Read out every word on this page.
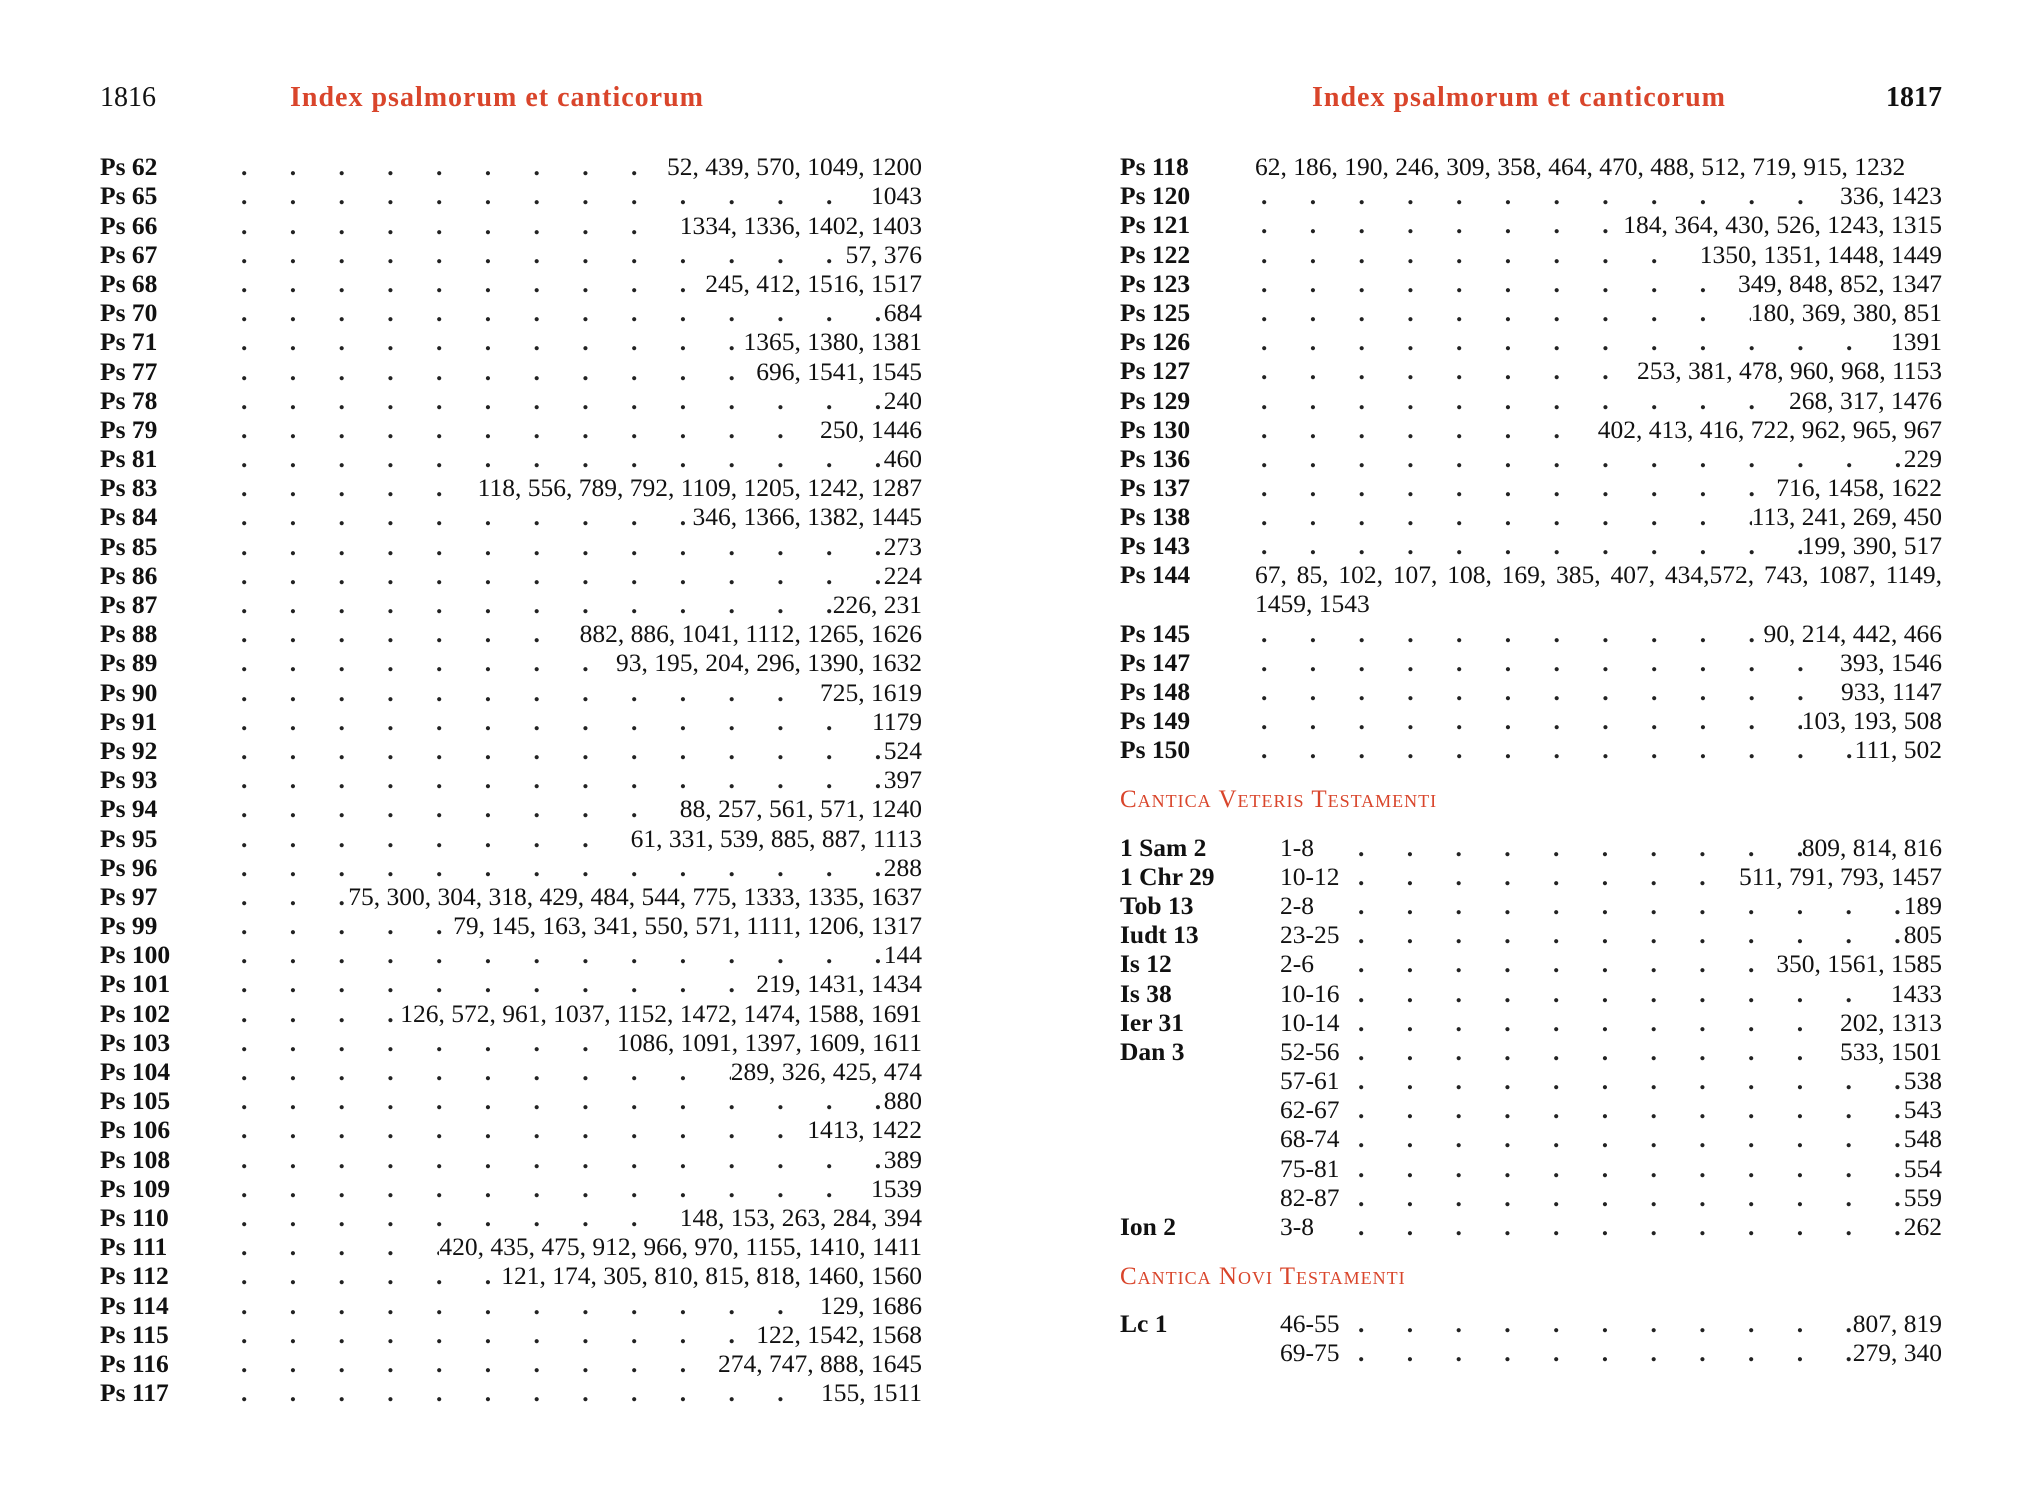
1816	Index psalmorum et canticorum
Ps 62 . . .	52, 439, 570, 1049, 1200
Ps 65 . . .	1043
Ps 66 . . .	1334, 1336, 1402, 1403
Ps 67 . . .	57, 376
Ps 68 . . .	245, 412, 1516, 1517
Ps 70 . . .	684
Ps 71 . . .	1365, 1380, 1381
Ps 77 . . .	696, 1541, 1545
Ps 78 . . .	240
Ps 79 . . .	250, 1446
Ps 81 . . .	460
Ps 83 . . .	118, 556, 789, 792, 1109, 1205, 1242, 1287
Ps 84 . . .	346, 1366, 1382, 1445
Ps 85 . . .	273
Ps 86 . . .	224
Ps 87 . . .	226, 231
Ps 88 . . .	882, 886, 1041, 1112, 1265, 1626
Ps 89 . . .	93, 195, 204, 296, 1390, 1632
Ps 90 . . .	725, 1619
Ps 91 . . .	1179
Ps 92 . . .	524
Ps 93 . . .	397
Ps 94 . . .	88, 257, 561, 571, 1240
Ps 95 . . .	61, 331, 539, 885, 887, 1113
Ps 96 . . .	288
Ps 97 . . .	75, 300, 304, 318, 429, 484, 544, 775, 1333, 1335, 1637
Ps 99 . . .	79, 145, 163, 341, 550, 571, 1111, 1206, 1317
Ps 100 . . .	144
Ps 101 . . .	219, 1431, 1434
Ps 102 . . .	126, 572, 961, 1037, 1152, 1472, 1474, 1588, 1691
Ps 103 . . .	1086, 1091, 1397, 1609, 1611
Ps 104 . . .	289, 326, 425, 474
Ps 105 . . .	880
Ps 106 . . .	1413, 1422
Ps 108 . . .	389
Ps 109 . . .	1539
Ps 110 . . .	148, 153, 263, 284, 394
Ps 111 . . .	420, 435, 475, 912, 966, 970, 1155, 1410, 1411
Ps 112 . . .	121, 174, 305, 810, 815, 818, 1460, 1560
Ps 114 . . .	129, 1686
Ps 115 . . .	122, 1542, 1568
Ps 116 . . .	274, 747, 888, 1645
Ps 117 . . .	155, 1511
Index psalmorum et canticorum	1817
Ps 118	62, 186, 190, 246, 309, 358, 464, 470, 488, 512, 719, 915, 1232
Ps 120 . . .	336, 1423
Ps 121 . . .	184, 364, 430, 526, 1243, 1315
Ps 122 . . .	1350, 1351, 1448, 1449
Ps 123 . . .	349, 848, 852, 1347
Ps 125 . . .	180, 369, 380, 851
Ps 126 . . .	1391
Ps 127 . . .	253, 381, 478, 960, 968, 1153
Ps 129 . . .	268, 317, 1476
Ps 130 . . .	402, 413, 416, 722, 962, 965, 967
Ps 136 . . .	229
Ps 137 . . .	716, 1458, 1622
Ps 138 . . .	113, 241, 269, 450
Ps 143 . . .	199, 390, 517
Ps 144	67, 85, 102, 107, 108, 169, 385, 407, 434,572, 743, 1087, 1149, 1459, 1543
Ps 145 . . .	90, 214, 442, 466
Ps 147 . . .	393, 1546
Ps 148 . . .	933, 1147
Ps 149 . . .	103, 193, 508
Ps 150 . . .	111, 502
Cantica Veteris Testamenti
1 Sam 2	1-8 . . .	809, 814, 816
1 Chr 29	10-12 . . .	511, 791, 793, 1457
Tob 13	2-8 . . .	189
Iudt 13	23-25 . . .	805
Is 12	2-6 . . .	350, 1561, 1585
Is 38	10-16 . . .	1433
Ier 31	10-14 . . .	202, 1313
Dan 3	52-56 . . .	533, 1501
57-61 . . .	538
62-67 . . .	543
68-74 . . .	548
75-81 . . .	554
82-87 . . .	559
Ion 2	3-8 . . .	262
Cantica Novi Testamenti
Lc 1	46-55 . . .	807, 819
69-75 . . .	279, 340
